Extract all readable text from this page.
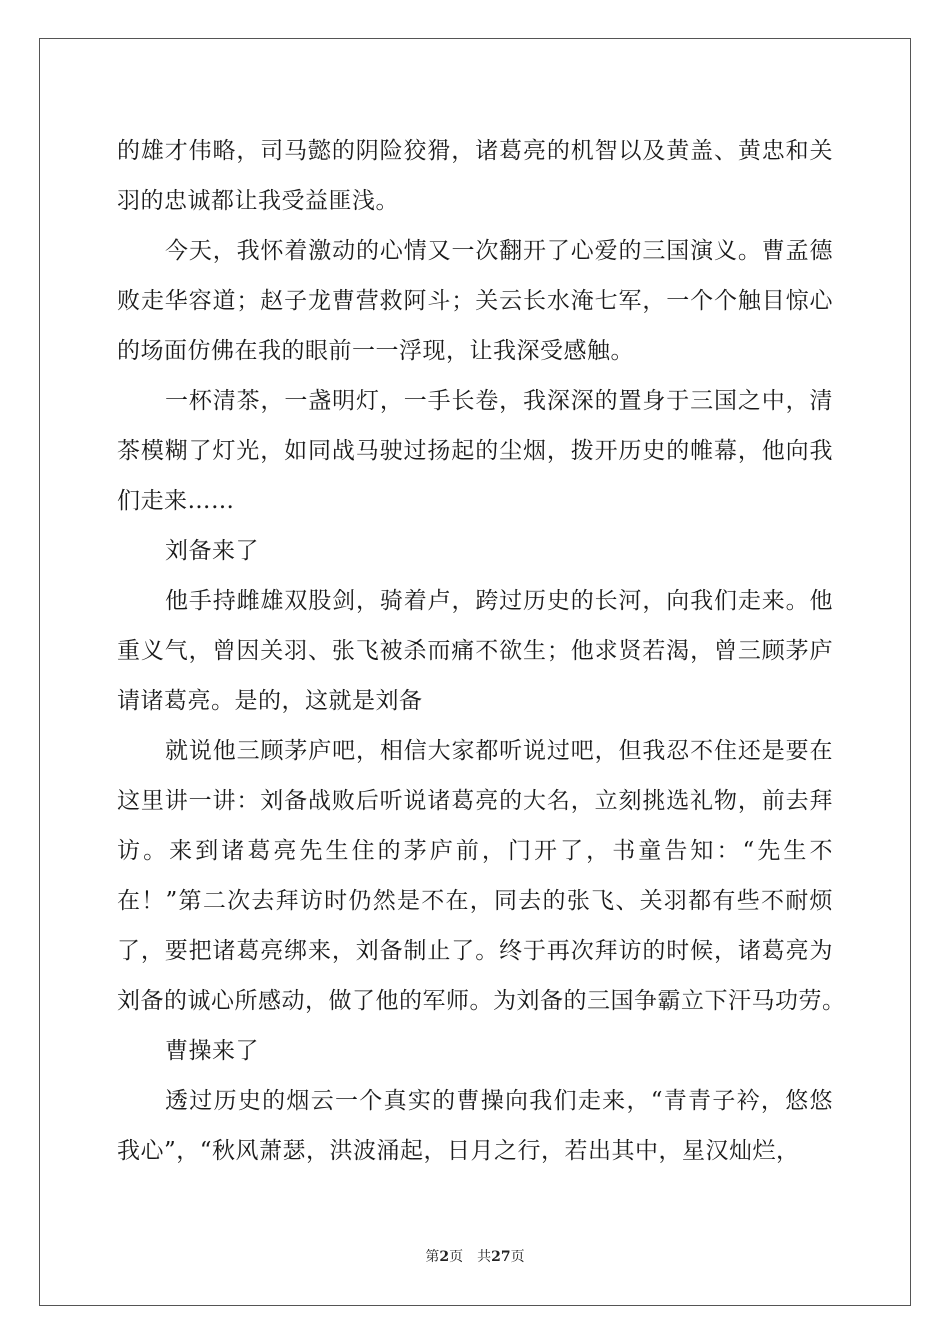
的雄才伟略，司马懿的阴险狡猾，诸葛亮的机智以及黄盖、黄忠和关
羽的忠诚都让我受益匪浅。
今天，我怀着激动的心情又一次翻开了心爱的三国演义。曹孟德
败走华容道；赵子龙曹营救阿斗；关云长水淹七军，一个个触目惊心
的场面仿佛在我的眼前一一浮现，让我深受感触。
一杯清茶，一盏明灯，一手长卷，我深深的置身于三国之中，清
茶模糊了灯光，如同战马驶过扬起的尘烟，拨开历史的帷幕，他向我
们走来……
刘备来了
他手持雌雄双股剑，骑着卢，跨过历史的长河，向我们走来。他
重义气，曾因关羽、张飞被杀而痛不欲生；他求贤若渴，曾三顾茅庐
请诸葛亮。是的，这就是刘备
就说他三顾茅庐吧，相信大家都听说过吧，但我忍不住还是要在
这里讲一讲：刘备战败后听说诸葛亮的大名，立刻挑选礼物，前去拜
访。来到诸葛亮先生住的茅庐前，门开了，书童告知：“先生不
在！”第二次去拜访时仍然是不在，同去的张飞、关羽都有些不耐烦
了，要把诸葛亮绑来，刘备制止了。终于再次拜访的时候，诸葛亮为
刘备的诚心所感动，做了他的军师。为刘备的三国争霸立下汗马功劳。
曹操来了
透过历史的烟云一个真实的曹操向我们走来，“青青子衿，悠悠
我心”，“秋风萧瑟，洪波涌起，日月之行，若出其中，星汉灿烂，
第2页 共27页
